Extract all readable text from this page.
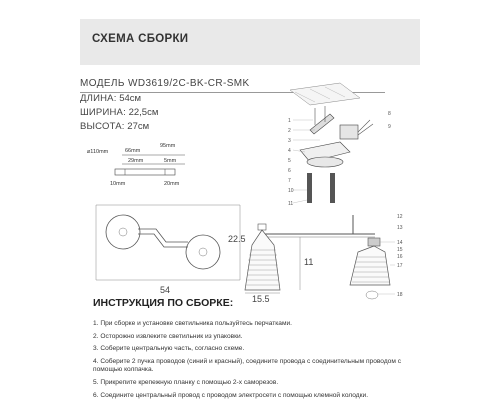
СХЕМА СБОРКИ
МОДЕЛЬ WD3619/2C-BK-CR-SMK
ДЛИНА: 54см
ШИРИНА: 22,5см
ВЫСОТА: 27см
⌀110mm	66mm
95mm
29mm	5mm
10mm	20mm
22.5
54
1
2
3
4
5
6
7
10
11
8
9
11
15.5
12
13
14
15
16
17
18
ИНСТРУКЦИЯ ПО СБОРКЕ:
1. При сборке и установке светильника пользуйтесь перчатками.
2. Осторожно извлеките светильник из упаковки.
3. Соберите центральную часть, согласно схеме.
4. Соберите 2 пучка проводов (синий и красный), соедините провода с соединительным проводом с помощью колпачка.
5. Прикрепите крепежную планку с помощью 2-х саморезов.
6. Соедините центральный провод с проводом электросети с помощью клемной колодки.
